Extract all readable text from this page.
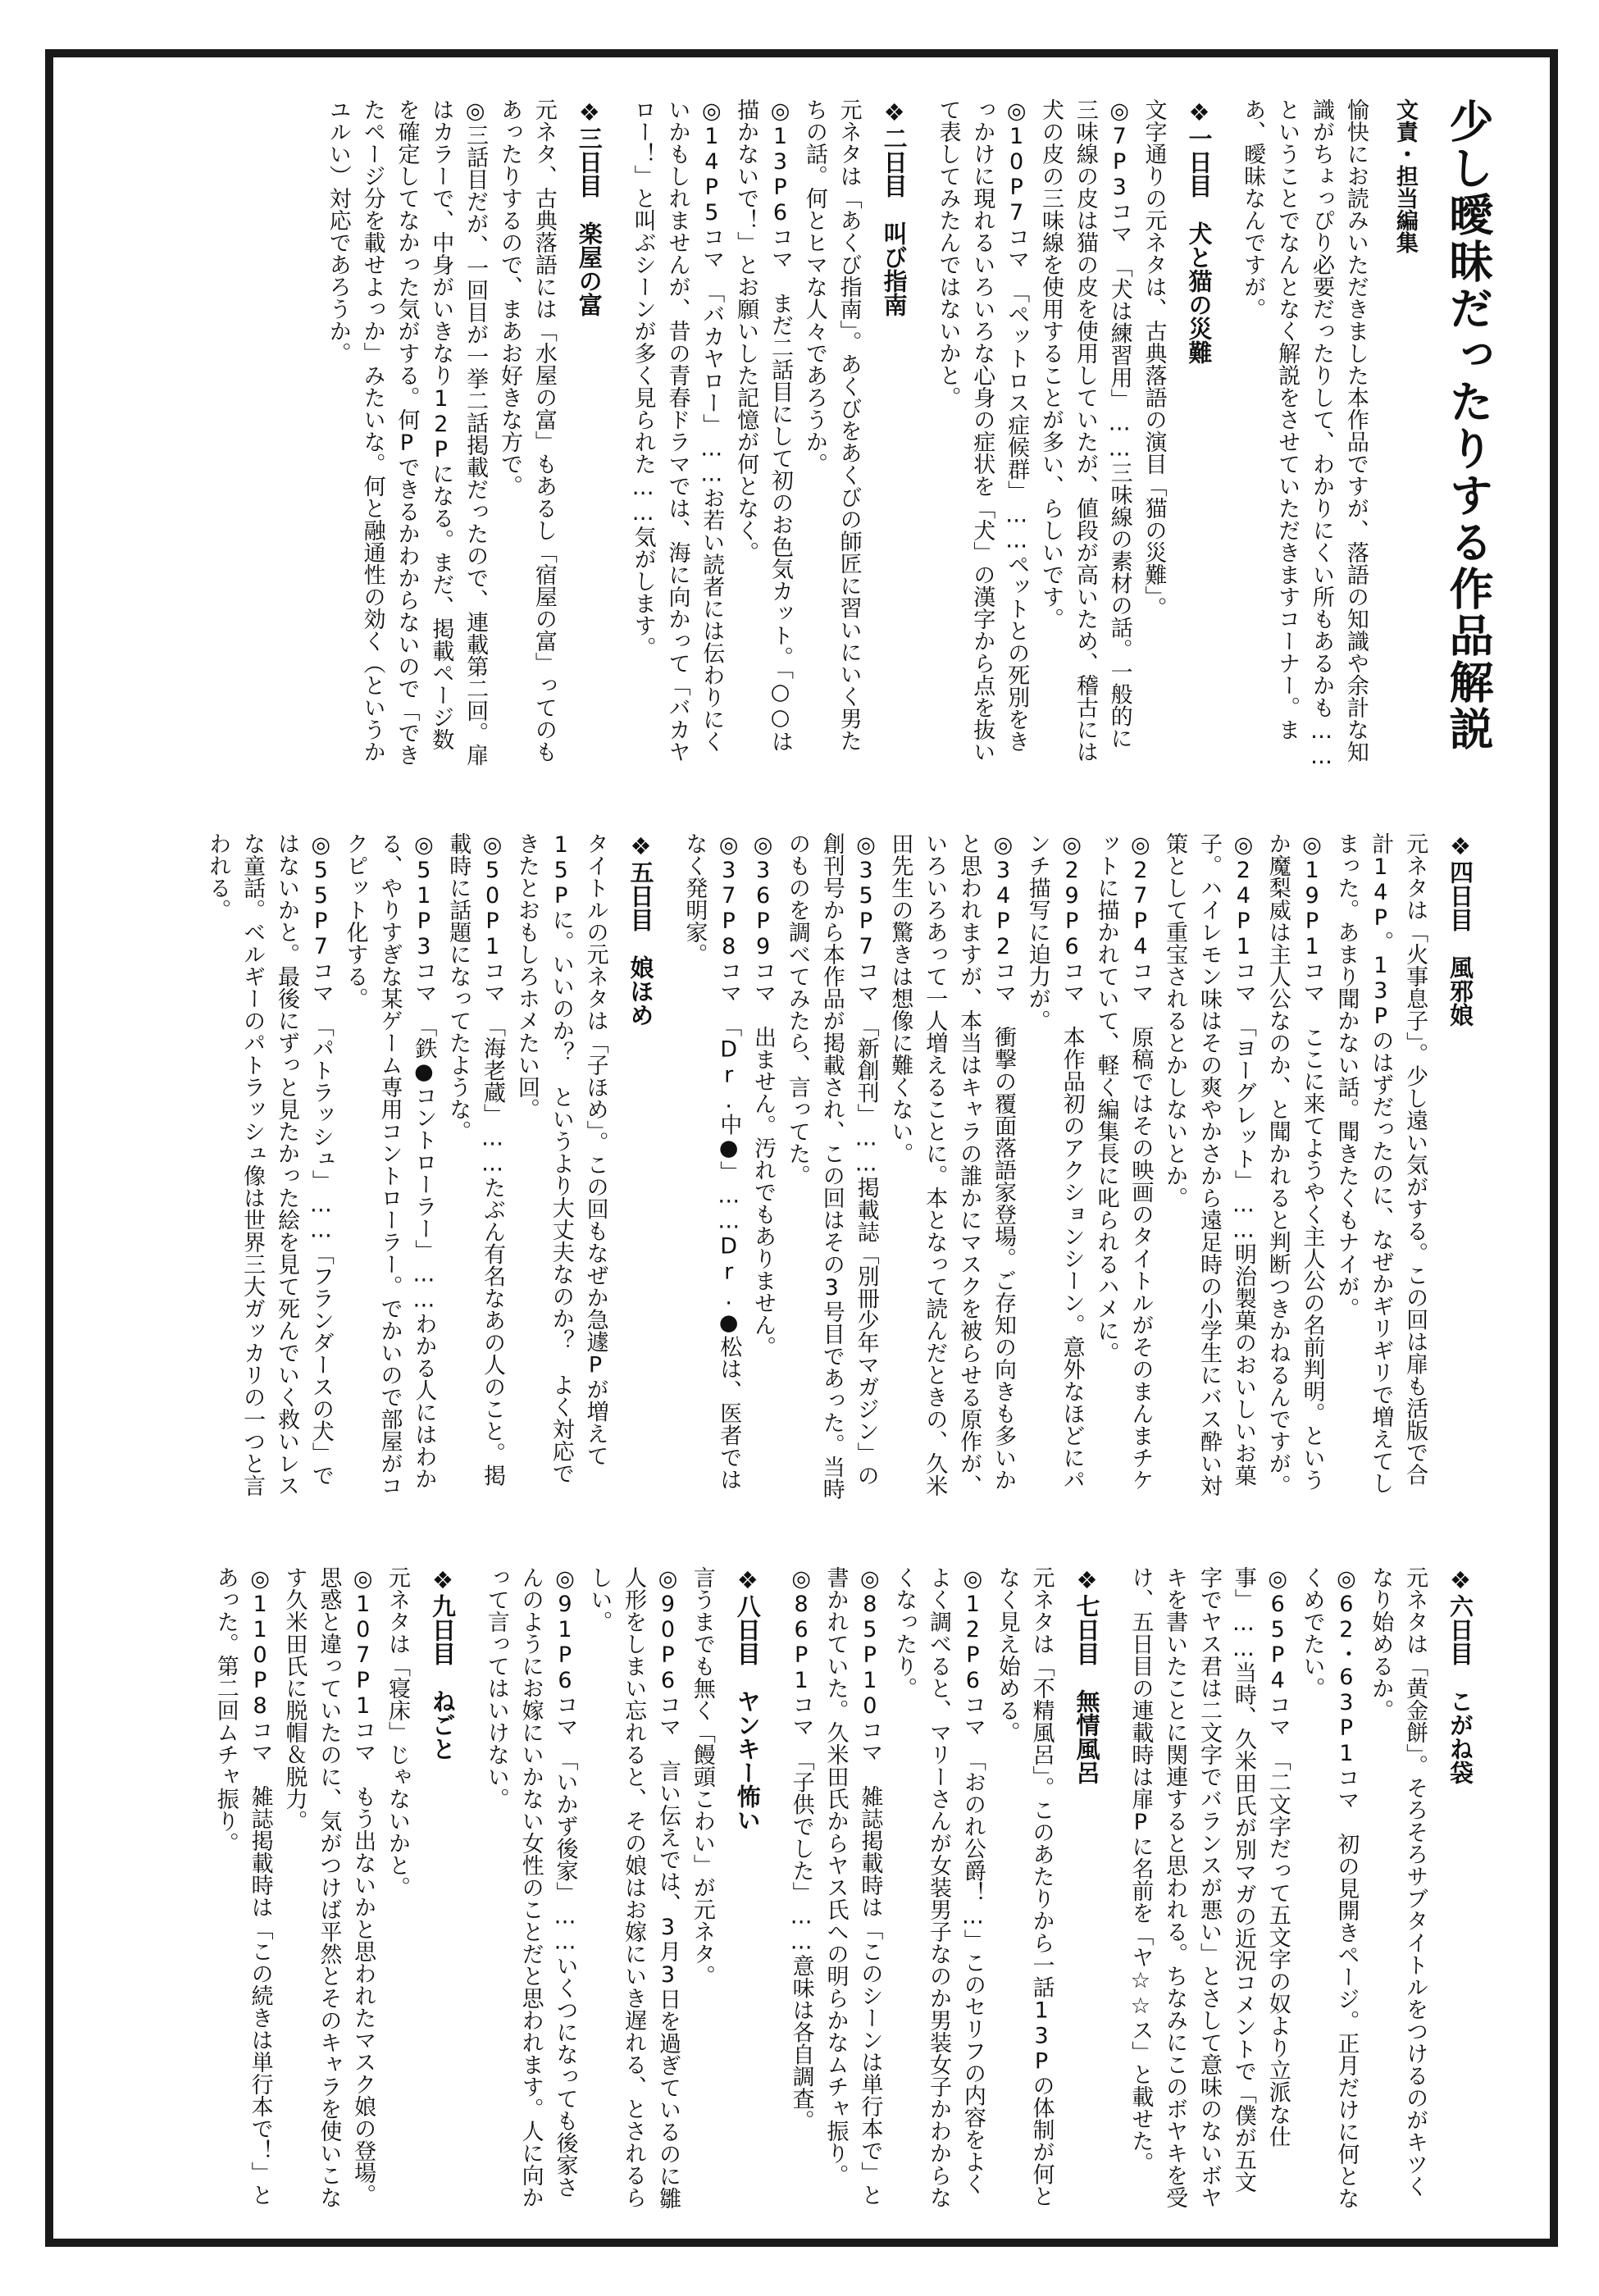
少し曖昧だったりする作品解説
文責・担当編集

愉快にお読みいただきました本作品ですが、落語の知識や余計な知識がちょっぴり必要だったりして、わかりにくい所もあるかも……ということでなんとなく解説をさせていただきますコーナー。まあ、曖昧なんですが。

❖一日目　犬と猫の災難

文字通りの元ネタは、古典落語の演目「猫の災難」。

◎7P3コマ　「犬は練習用」……三味線の素材の話。一般的に三味線の皮は猫の皮を使用していたが、値段が高いため、稽古には犬の皮の三味線を使用することが多い、らしいです。

◎10P7コマ　「ペットロス症候群」……ペットとの死別をきっかけに現れるいろいろな心身の症状を「犬」の漢字から点を抜いて表してみたんではないかと。

❖二日目　叫び指南

元ネタは「あくび指南」。あくびをあくびの師匠に習いにいく男たちの話。何とヒマな人々であろうか。

◎13P6コマ　まだ二話目にして初のお色気カット。「○○は描かないで！」とお願いした記憶が何となく。

◎14P5コマ　「バカヤロー」……お若い読者には伝わりにくいかもしれませんが、昔の青春ドラマでは、海に向かって「バカヤロー！」と叫ぶシーンが多く見られた……気がします。

❖三日目　楽屋の富

元ネタ、古典落語には「水屋の富」もあるし「宿屋の富」ってのもあったりするので、まあお好きな方で。

◎三話目だが、一回目が一挙二話掲載だったので、連載第二回。扉はカラーで、中身がいきなり12Pになる。まだ、掲載ページ数を確定してなかった気がする。何Pできるかわからないので「できたページ分を載せよっか」みたいな。何と融通性の効く（というかユルい）対応であろうか。

❖四日目　風邪娘

元ネタは「火事息子」。少し遠い気がする。この回は扉も活版で合計14P。13Pのはずだったのに、なぜかギリギリで増えてしまった。あまり聞かない話。聞きたくもナイが。

◎19P1コマ　ここに来てようやく主人公の名前判明。というか魔梨威は主人公なのか、と聞かれると判断つきかねるんですが。

◎24P1コマ　「ヨーグレット」……明治製菓のおいしいお菓子。ハイレモン味はその爽やかさから遠足時の小学生にバス酔い対策として重宝されるとかしないとか。

◎27P4コマ　原稿ではその映画のタイトルがそのまんまチケットに描かれていて、軽く編集長に叱られるハメに。

◎29P6コマ　本作品初のアクションシーン。意外なほどにパンチ描写に迫力が。

◎34P2コマ　衝撃の覆面落語家登場。ご存知の向きも多いかと思われますが、本当はキャラの誰かにマスクを被らせる原作が、いろいろあって一人増えることに。本となって読んだときの、久米田先生の驚きは想像に難くない。

◎35P7コマ　「新創刊」……掲載誌「別冊少年マガジン」の創刊号から本作品が掲載され、この回はその3号目であった。当時のものを調べてみたら、言ってた。

◎36P9コマ　出ません。汚れでもありません。

◎37P8コマ　「Dr.中●」……Dr.●松は、医者ではなく発明家。

❖五日目　娘ほめ

タイトルの元ネタは「子ほめ」。この回もなぜか急遽Pが増えて15Pに。いいのか？　というより大丈夫なのか？　よく対応できたとおもしろホメたい回。

◎50P1コマ　「海老蔵」……たぶん有名なあの人のこと。掲載時に話題になってたような。

◎51P3コマ　「鉄●コントローラー」……わかる人にはわかる、やりすぎな某ゲーム専用コントローラー。でかいので部屋がコクピット化する。

◎55P7コマ　「パトラッシュ」……「フランダースの犬」ではないかと。最後にずっと見たかった絵を見て死んでいく救いレスな童話。ベルギーのパトラッシュ像は世界三大ガッカリの一つと言われる。

❖六日目　こがね袋

元ネタは「黄金餅」。そろそろサブタイトルをつけるのがキツくなり始めるか。

◎62・63P1コマ　初の見開きページ。正月だけに何となくめでたい。

◎65P4コマ　「二文字だって五文字の奴より立派な仕事」……当時、久米田氏が別マガの近況コメントで「僕が五文字でヤス君は二文字でバランスが悪い」とさして意味のないボヤキを書いたことに関連すると思われる。ちなみにこのボヤキを受け、五日目の連載時は扉Pに名前を「ヤ☆☆ス」と載せた。

❖七日目　無情風呂

元ネタは「不精風呂」。このあたりから一話13Pの体制が何となく見え始める。

◎12P6コマ　「おのれ公爵！…」このセリフの内容をよくよく調べると、マリーさんが女装男子なのか男装女子かわからなくなったり。

◎85P10コマ　雑誌掲載時は「このシーンは単行本で」と書かれていた。久米田氏からヤス氏への明らかなムチャ振り。

◎86P1コマ　「子供でした」……意味は各自調査。

❖八日目　ヤンキー怖い

言うまでも無く「饅頭こわい」が元ネタ。

◎90P6コマ　言い伝えでは、3月3日を過ぎているのに雛人形をしまい忘れると、その娘はお嫁にいき遅れる、とされるらしい。

◎91P6コマ　「いかず後家」……いくつになっても後家さんのようにお嫁にいかない女性のことだと思われます。人に向かって言ってはいけない。

❖九日目　ねごと

元ネタは「寝床」じゃないかと。

◎107P1コマ　もう出ないかと思われたマスク娘の登場。思惑と違っていたのに、気がつけば平然とそのキャラを使いこなす久米田氏に脱帽＆脱力。

◎110P8コマ　雑誌掲載時は「この続きは単行本で！」とあった。第二回ムチャ振り。
